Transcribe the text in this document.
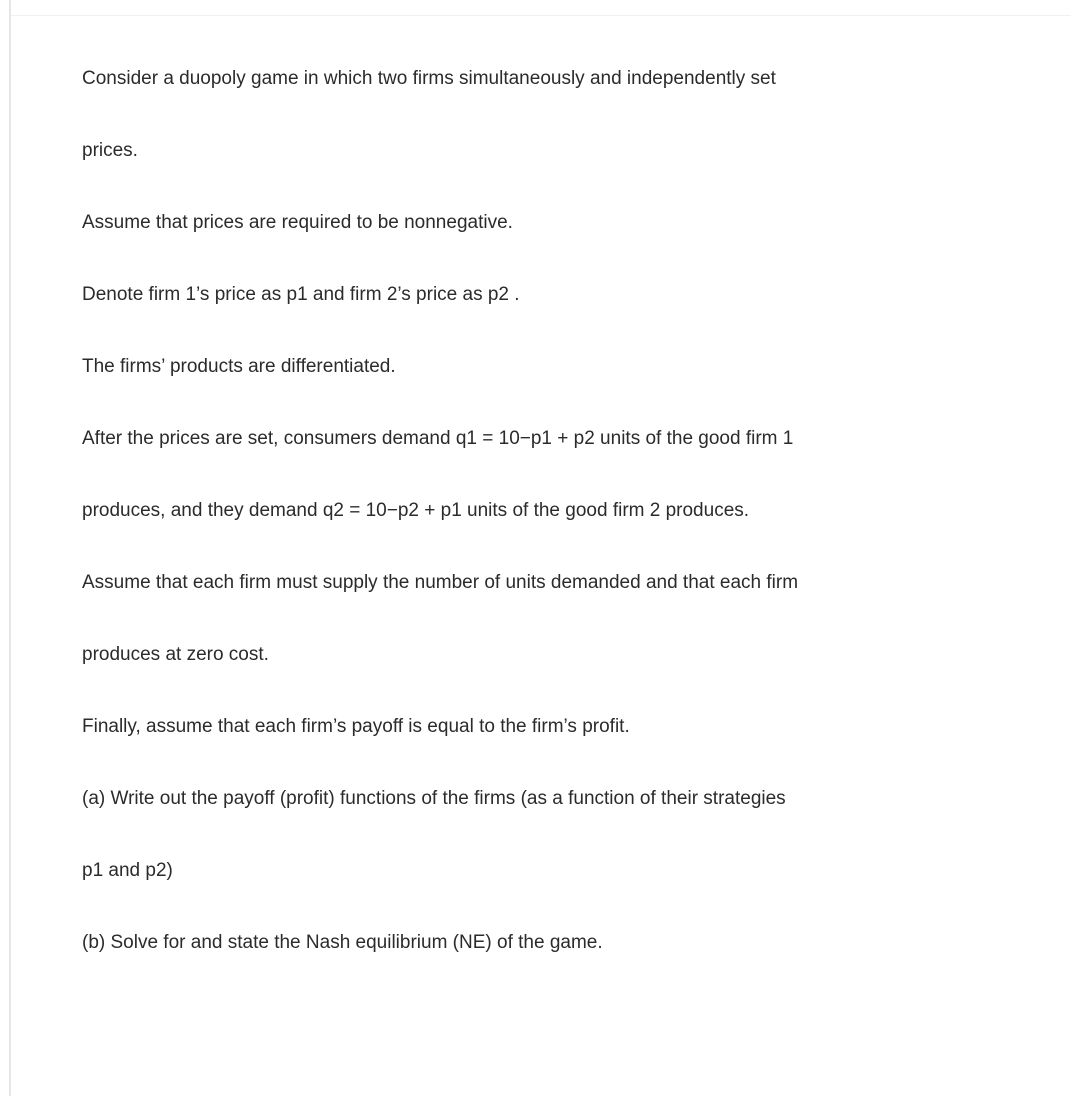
Consider a duopoly game in which two firms simultaneously and independently set
prices.
Assume that prices are required to be nonnegative.
Denote firm 1’s price as p1 and firm 2’s price as p2 .
The firms’ products are differentiated.
After the prices are set, consumers demand q1 = 10−p1 + p2 units of the good firm 1
produces, and they demand q2 = 10−p2 + p1 units of the good firm 2 produces.
Assume that each firm must supply the number of units demanded and that each firm
produces at zero cost.
Finally, assume that each firm’s payoff is equal to the firm’s profit.
(a) Write out the payoff (profit) functions of the firms (as a function of their strategies
p1 and p2)
(b) Solve for and state the Nash equilibrium (NE) of the game.
